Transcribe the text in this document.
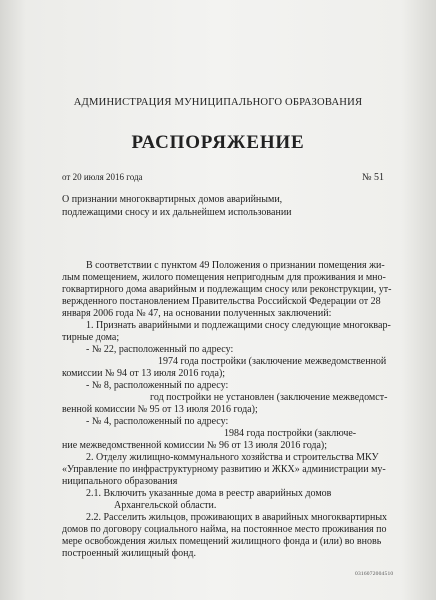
АДМИНИСТРАЦИЯ МУНИЦИПАЛЬНОГО ОБРАЗОВАНИЯ
РАСПОРЯЖЕНИЕ
от 20 июля 2016 года	№ 51
О признании многоквартирных домов аварийными, подлежащими сносу и их дальнейшем использовании
В соответствии с пунктом 49 Положения о признании помещения жи-
лым помещением, жилого помещения непригодным для проживания и мно-
гоквартирного дома аварийным и подлежащим сносу или реконструкции, ут-
вержденного постановлением Правительства Российской Федерации от 28
января 2006 года № 47, на основании полученных заключений:
1. Признать аварийными и подлежащими сносу следующие многоквар-
тирные дома;
- № 22, расположенный по адресу:
1974 года постройки (заключение межведомственной
комиссии № 94 от 13 июля 2016 года);
- № 8, расположенный по адресу:
год постройки не установлен (заключение межведомст-
венной комиссии № 95 от 13 июля 2016 года);
- № 4, расположенный по адресу:
1984 года постройки (заключе-
ние межведомственной комиссии № 96 от 13 июля 2016 года);
2. Отделу жилищно-коммунального хозяйства и строительства МКУ
«Управление по инфраструктурному развитию и ЖКХ» администрации му-
ниципального образования
2.1. Включить указанные дома в реестр аварийных домов
Архангельской области.
2.2. Расселить жильцов, проживающих в аварийных многоквартирных
домов по договору социального найма, на постоянное место проживания по
мере освобождения жилых помещений жилищного фонда и (или) во вновь
построенный жилищный фонд.
0316072004510
